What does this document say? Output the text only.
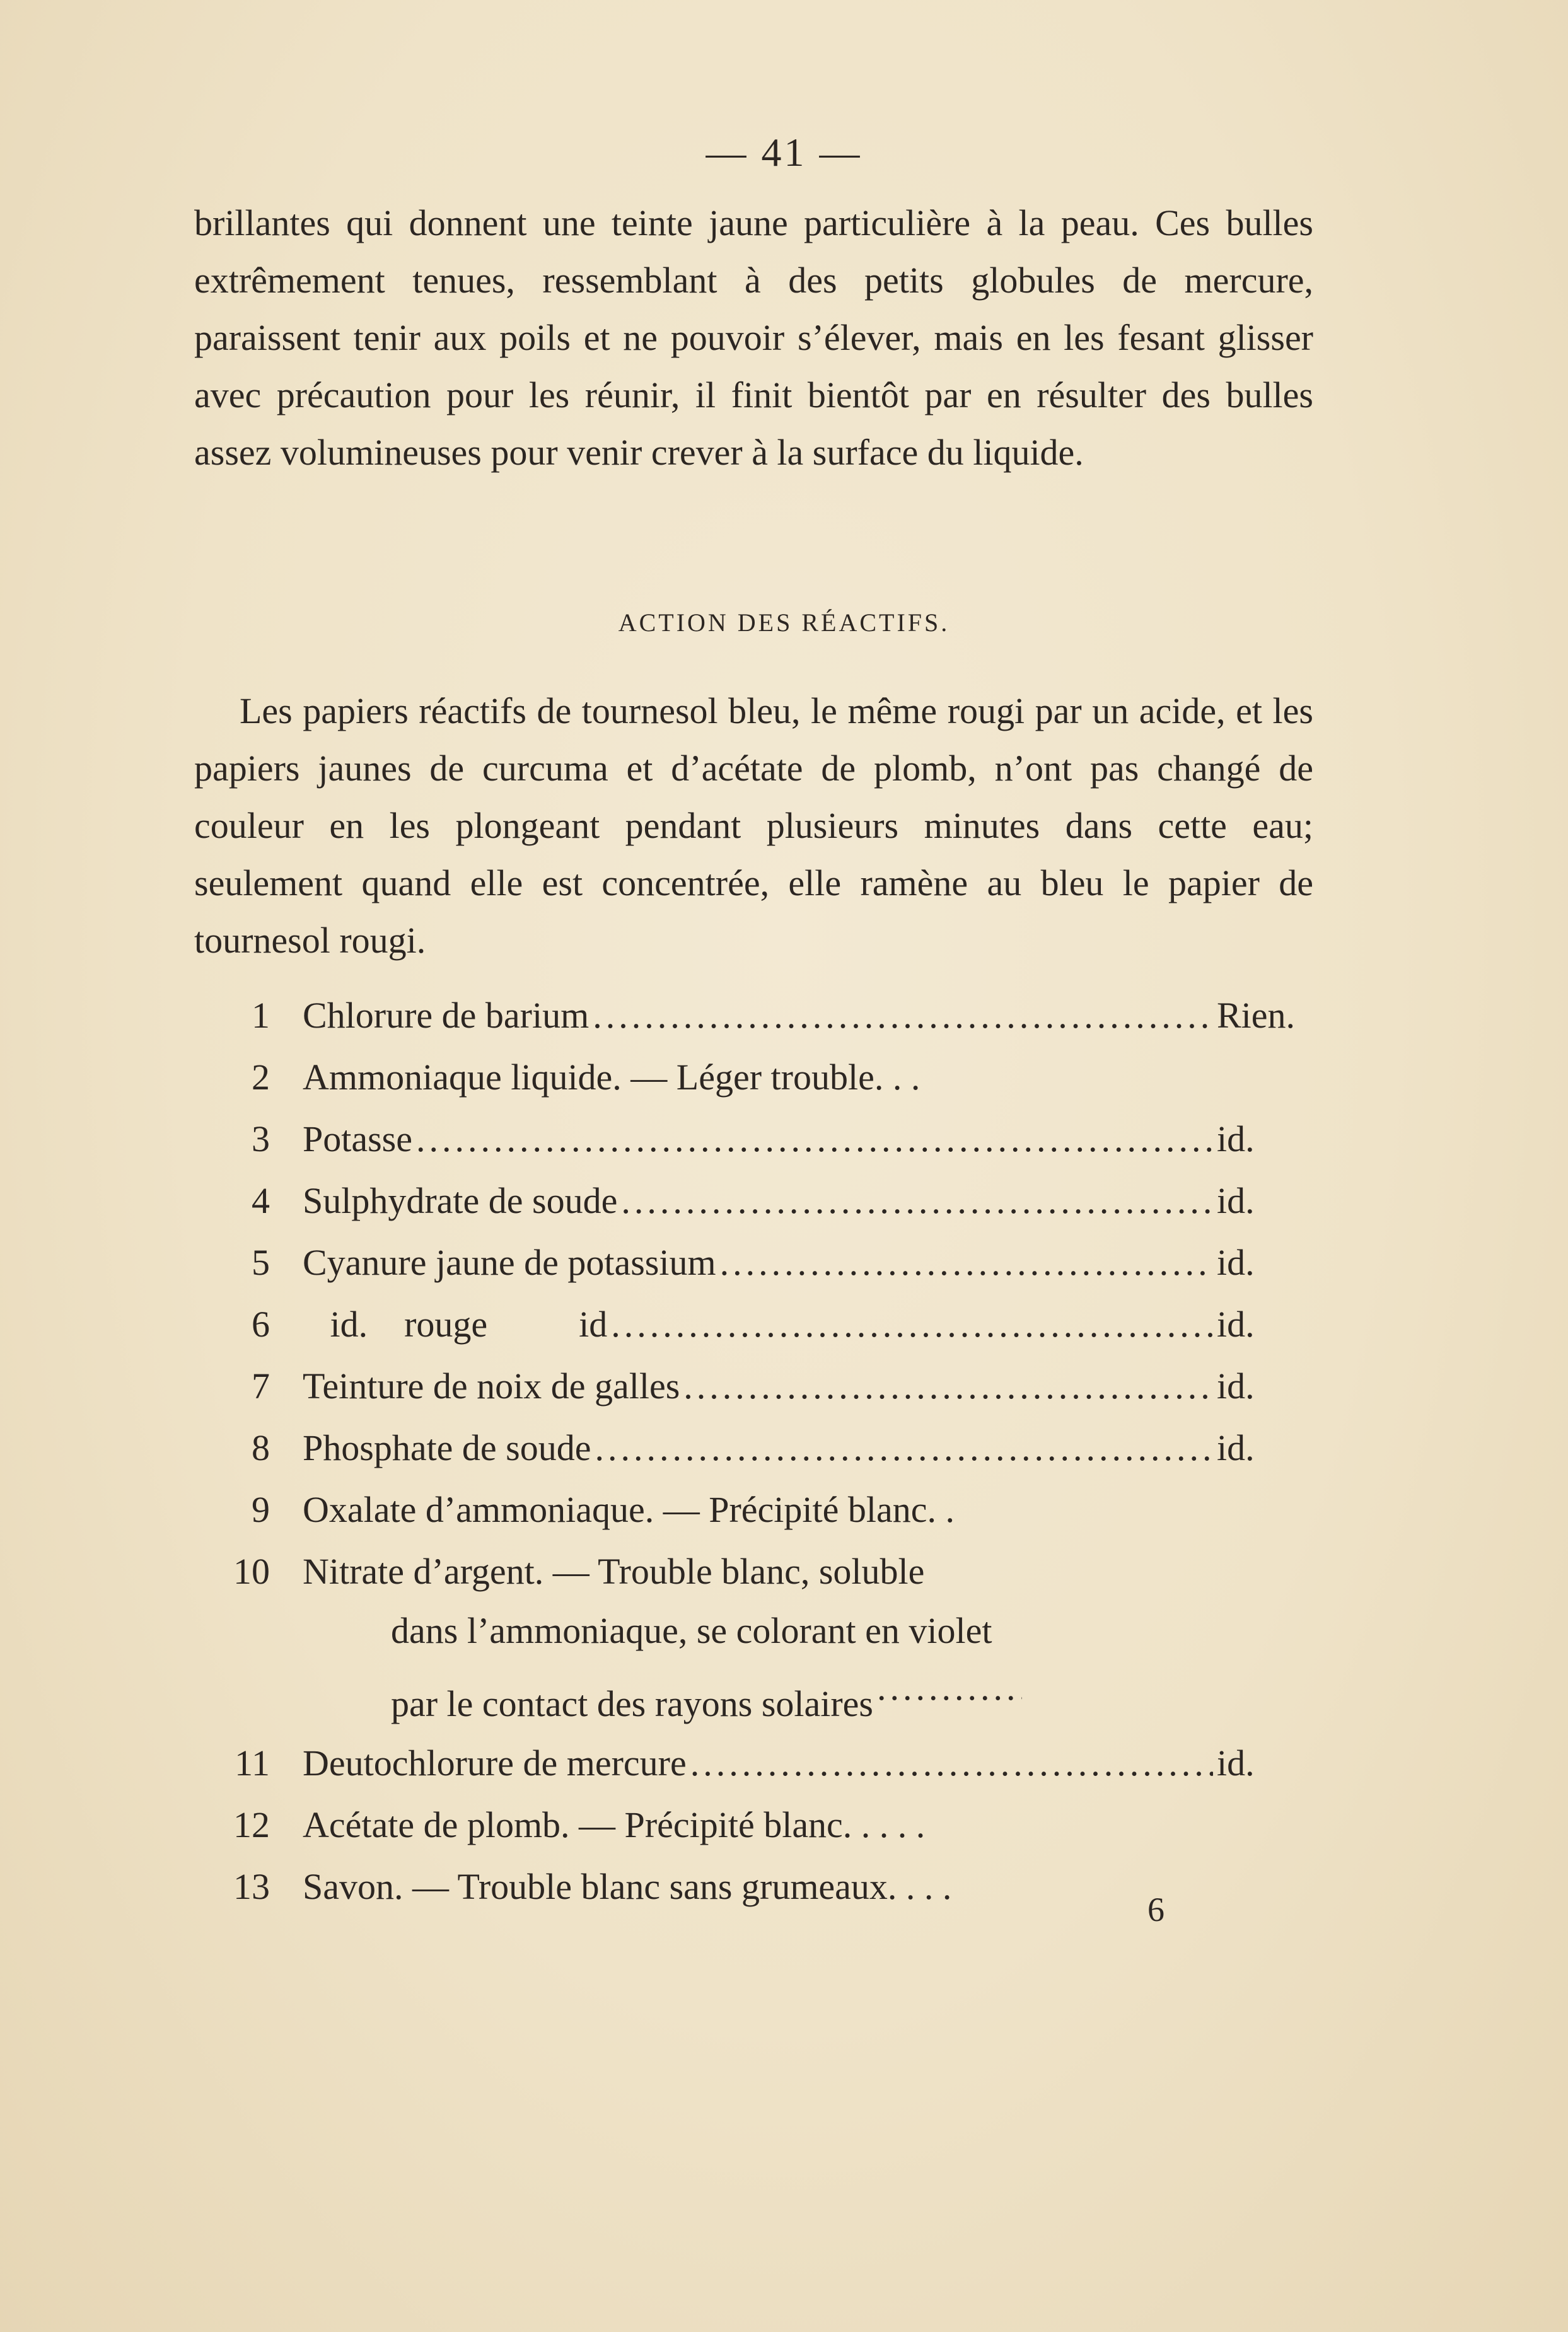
— 41 —

brillantes qui donnent une teinte jaune particulière à la peau. Ces bulles extrêmement tenues, ressemblant à des petits globules de mercure, paraissent tenir aux poils et ne pouvoir s’élever, mais en les fesant glisser avec précaution pour les réunir, il finit bientôt par en résulter des bulles assez volumineuses pour venir crever à la surface du liquide.

ACTION DES RÉACTIFS.

Les papiers réactifs de tournesol bleu, le même rougi par un acide, et les papiers jaunes de curcuma et d’acétate de plomb, n’ont pas changé de couleur en les plongeant pendant plusieurs minutes dans cette eau; seulement quand elle est concentrée, elle ramène au bleu le papier de tournesol rougi.

1 Chlorure de barium .....	Rien.
2 Ammoniaque liquide. — Léger trouble. . .
3 Potasse .....	id.
4 Sulphydrate de soude .....	id.
5 Cyanure jaune de potassium .....	id.
6 id.    rouge          id .....	id.
7 Teinture de noix de galles .....	id.
8 Phosphate de soude .....	id.
9 Oxalate d’ammoniaque. — Précipité blanc. .
10 Nitrate d’argent. — Trouble blanc, soluble
dans l’ammoniaque, se colorant en violet
par le contact des rayons solaires.....
11 Deutochlorure de mercure .....	id.
12 Acétate de plomb. — Précipité blanc. . . . .
13 Savon. — Trouble blanc sans grumeaux. . . .
6
